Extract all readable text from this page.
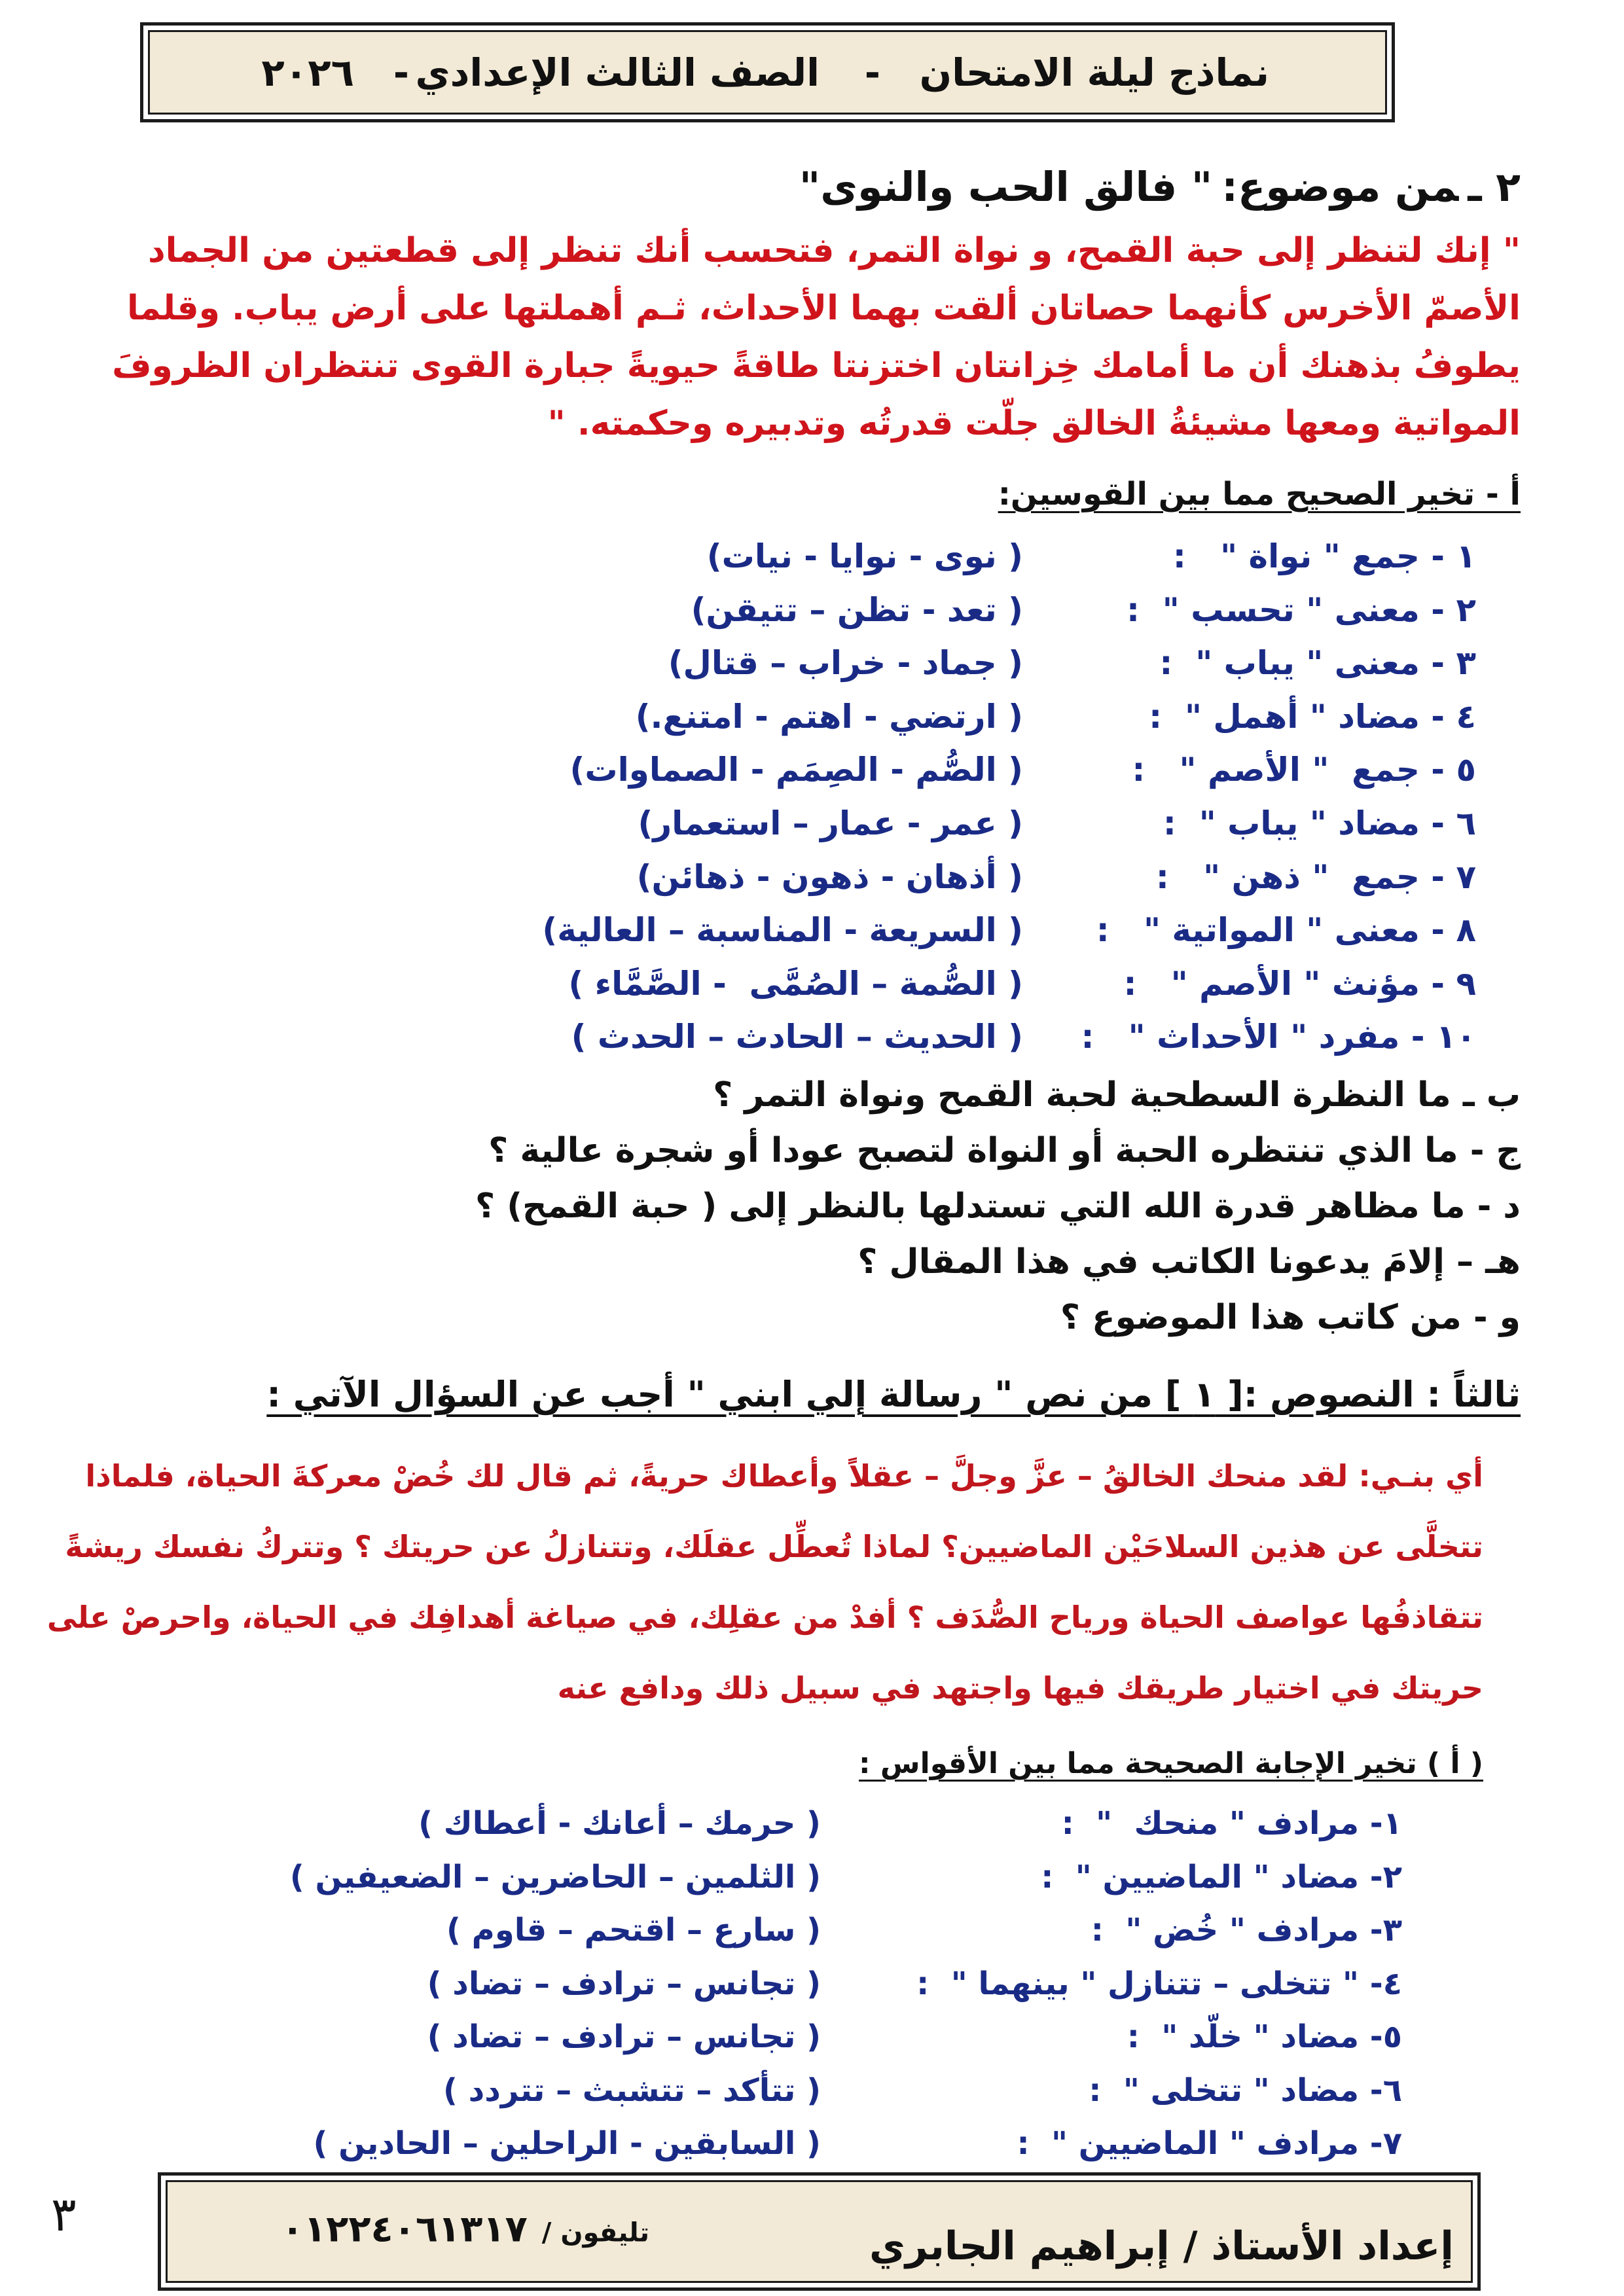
نماذج ليلة الامتحان
-
الصف الثالث الإعدادي
-
٢٠٢٦
٢ ـمن موضوع:" فالق الحب والنوى"
" إنك لتنظر إلى حبة القمح، و نواة التمر، فتحسب أنك تنظر إلى قطعتين من الجماد
الأصمّ الأخرس كأنهما حصاتان ألقت بهما الأحداث، ثـم أهملتها على أرض يباب. وقلما
يطوفُ بذهنك أن ما أمامك خِزانتان اختزنتا طاقةً حيويةً جبارة القوى تنتظران الظروفَ
المواتية ومعها مشيئةُ الخالق جلّت قدرتُه وتدبيره وحكمته. "
أ - تخير الصحيح مما بين القوسين:
١ - جمع " نواة "   :
( نوى - نوايا - نيات)
٢ - معنى " تحسب "  :
( تعد - تظن – تتيقن)
٣ - معنى " يباب "  :
( جماد - خراب – قتال)
٤ - مضاد " أهمل "  :
( ارتضي - اهتم - امتنع.)
٥ - جمع  " الأصم "   :
( الصُّم - الصِمَم - الصماوات)
٦ - مضاد " يباب "  :
( عمر - عمار – استعمار)
٧ - جمع  " ذهن "   :
( أذهان - ذهون - ذهائن)
٨ - معنى " المواتية "   :
( السريعة - المناسبة – العالية)
٩ - مؤنث " الأصم "   :
( الصُّمة – الصُمَّى  - الصَّمَّاء )
١٠ - مفرد " الأحداث "   :
( الحديث – الحادث – الحدث )
ب ـ ما النظرة السطحية لحبة القمح ونواة التمر ؟
ج - ما الذي تنتظره الحبة أو النواة لتصبح عودا أو شجرة عالية ؟
د - ما مظاهر قدرة الله التي تستدلها بالنظر إلى ( حبة القمح) ؟
هـ – إلامَ يدعونا الكاتب في هذا المقال ؟
و - من كاتب هذا الموضوع ؟
ثالثاً : النصوص :[ ١ ] من نص " رسالة إلي ابني " أجب عن السؤال الآتي :
أي بنـي: لقد منحك الخالقُ – عزَّ وجلَّ – عقلاً وأعطاك حريةً، ثم قال لك خُضْ معركةَ الحياة، فلماذا
تتخلَّى عن هذين السلاحَيْن الماضيين؟ لماذا تُعطِّل عقلَك، وتتنازلُ عن حريتك ؟ وتتركُ نفسك ريشةً
تتقاذفُها عواصف الحياة ورياح الصُّدَف ؟ أفدْ من عقلِك، في صياغة أهدافِك في الحياة، واحرصْ على
حريتك في اختيار طريقك فيها واجتهد في سبيل ذلك ودافع عنه
( أ ) تخير الإجابة الصحيحة مما بين الأقواس :
١- مرادف " منحك  "  :
( حرمك – أعانك - أعطاك )
٢- مضاد " الماضيين "  :
( الثلمين – الحاضرين – الضعيفين )
٣- مرادف " خُض "  :
( سارع – اقتحم – قاوم )
٤- " تتخلى – تتنازل " بينهما "  :
( تجانس – ترادف – تضاد )
٥- مضاد " خلّد "  :
( تجانس – ترادف – تضاد )
٦- مضاد " تتخلى "  :
( تتأكد – تتشبث – تتردد )
٧- مرادف " الماضيين "  :
( السابقين - الراحلين – الحادين )
٣
إعداد الأستاذ / إبراهيم الجابري
تليفون /٠١٢٢٤٠٦١٣١٧
